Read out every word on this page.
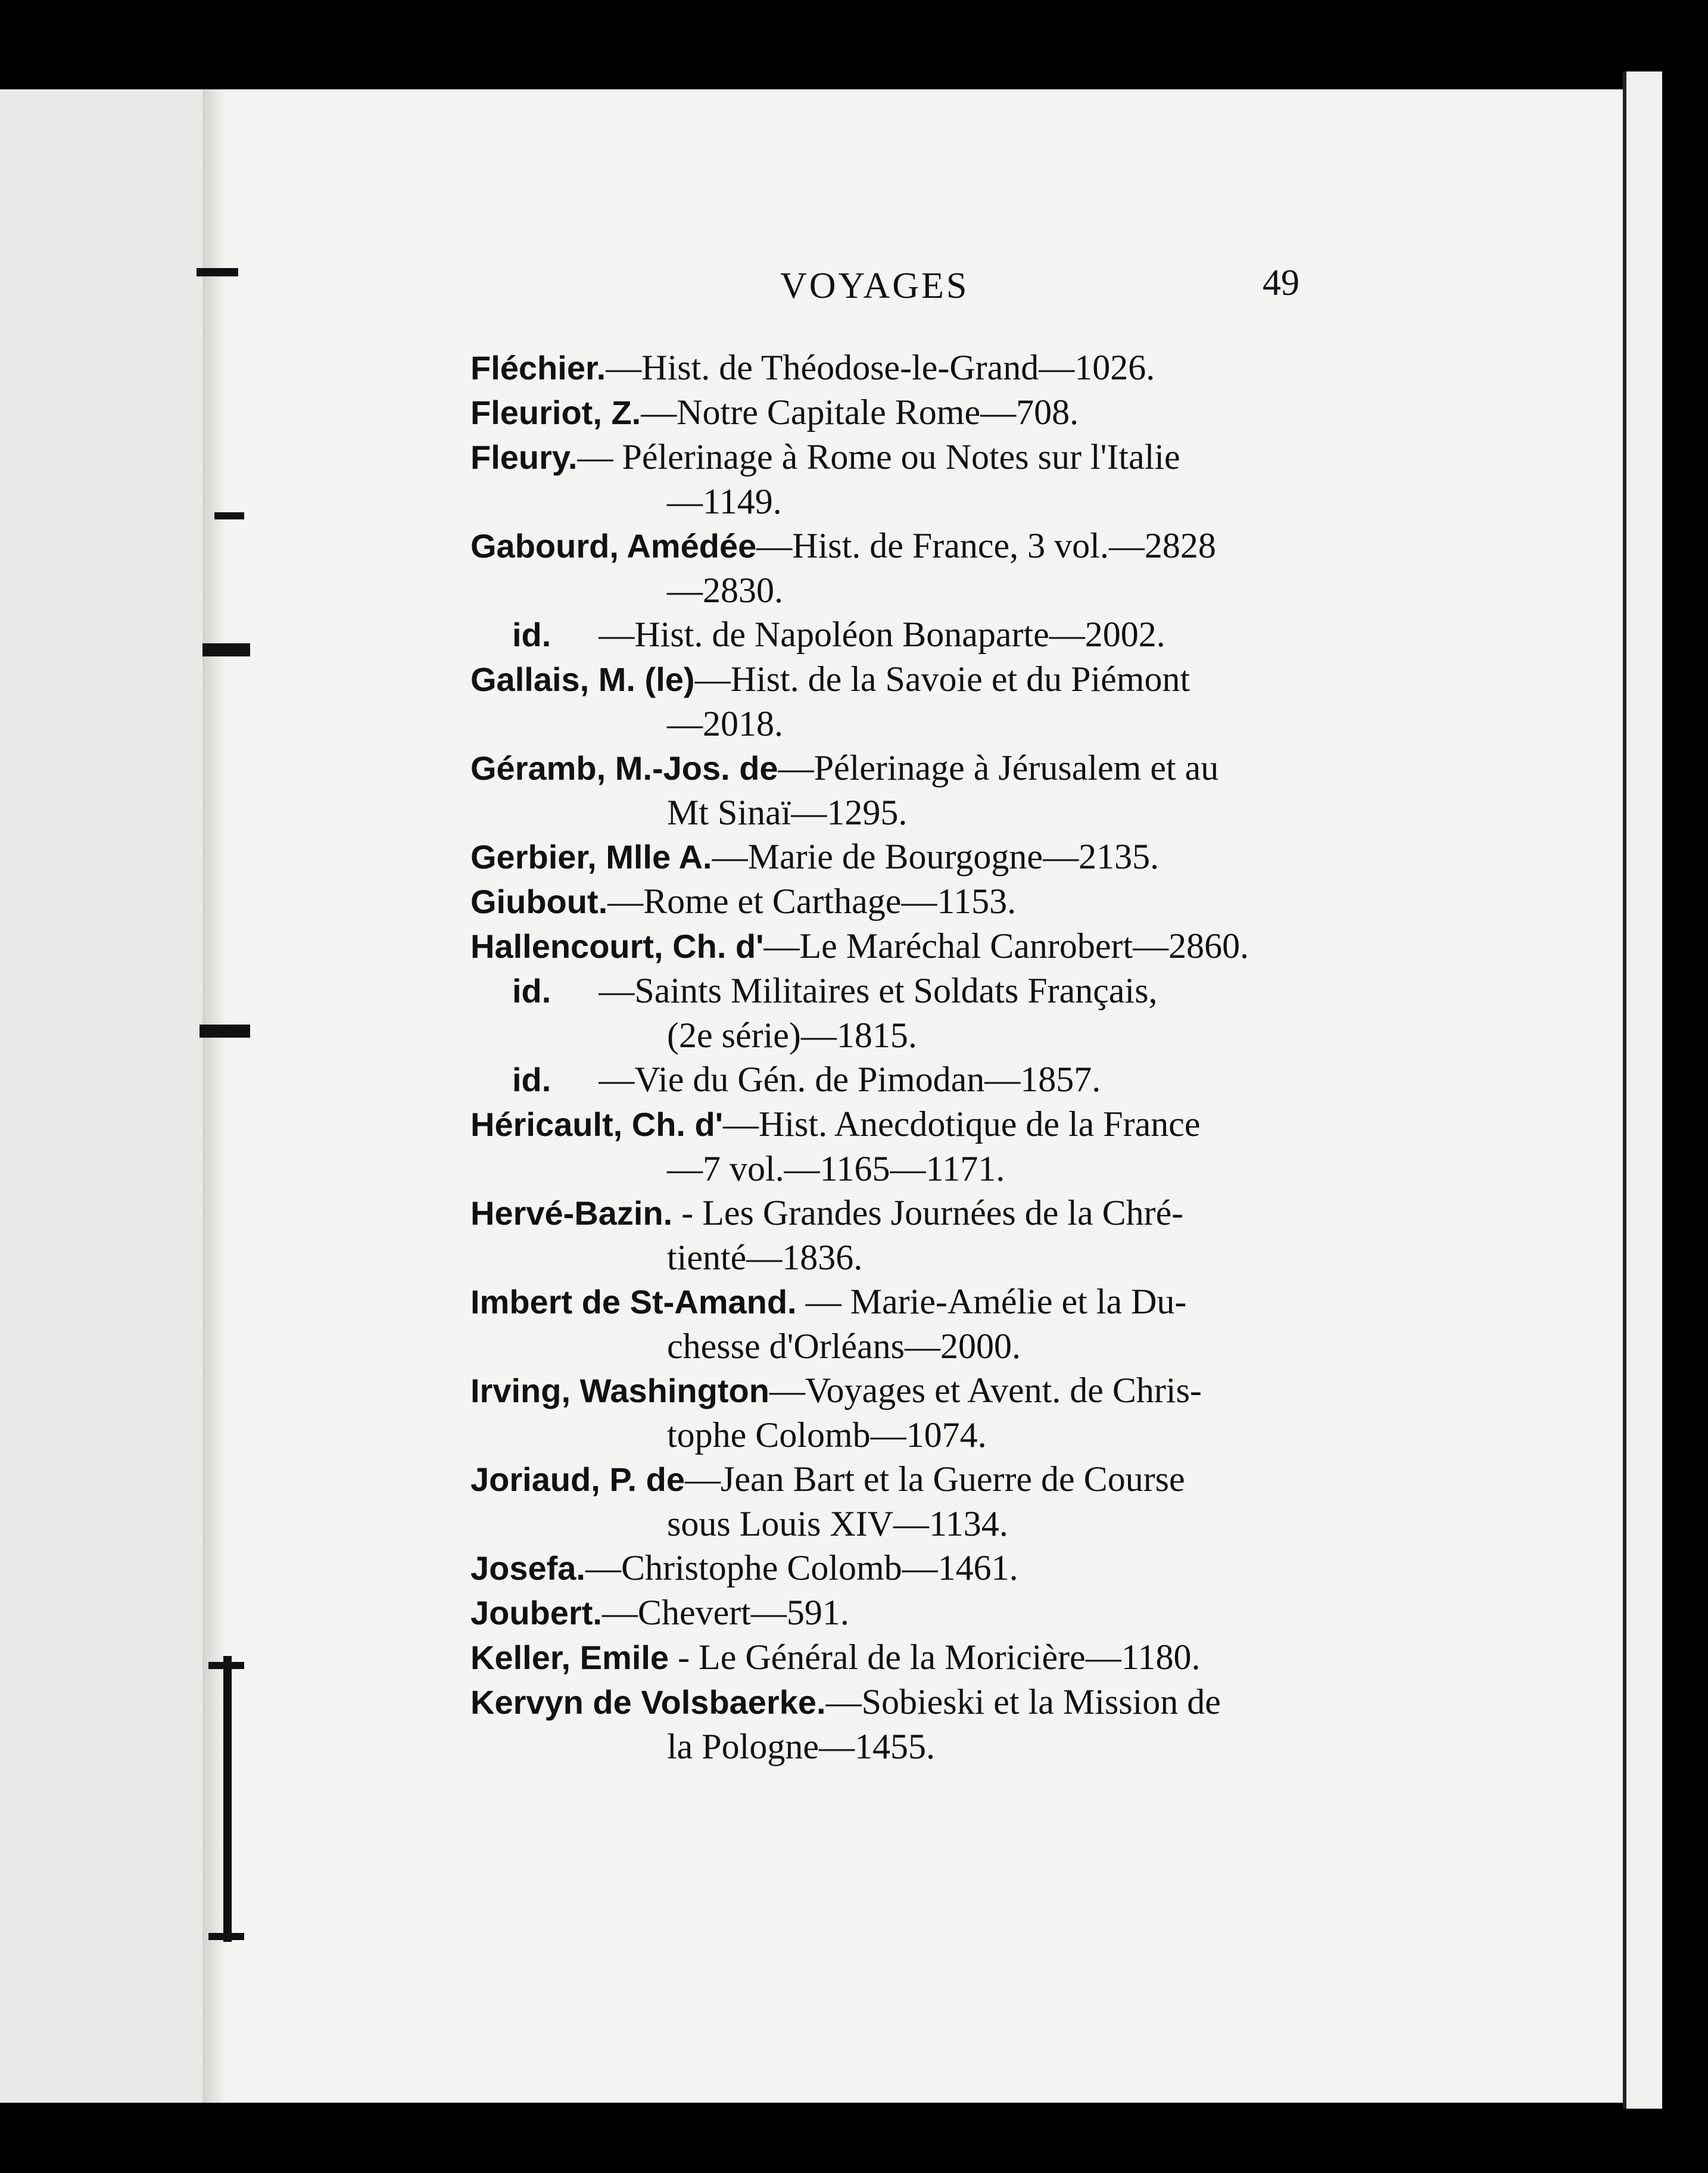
VOYAGES	49
Fléchier.—Hist. de Théodose-le-Grand—1026.
Fleuriot, Z.—Notre Capitale Rome—708.
Fleury.— Pélerinage à Rome ou Notes sur l'Italie
—1149.
Gabourd, Amédée—Hist. de France, 3 vol.—2828
—2830.
id. —Hist. de Napoléon Bonaparte—2002.
Gallais, M. (le)—Hist. de la Savoie et du Piémont
—2018.
Géramb, M.-Jos. de—Pélerinage à Jérusalem et au
Mt Sinaï—1295.
Gerbier, Mlle A.—Marie de Bourgogne—2135.
Giubout.—Rome et Carthage—1153.
Hallencourt, Ch. d'—Le Maréchal Canrobert—2860.
id. —Saints Militaires et Soldats Français,
(2e série)—1815.
id. —Vie du Gén. de Pimodan—1857.
Héricault, Ch. d'—Hist. Anecdotique de la France
—7 vol.—1165—1171.
Hervé-Bazin. - Les Grandes Journées de la Chré-
tienté—1836.
Imbert de St-Amand. — Marie-Amélie et la Du-
chesse d'Orléans—2000.
Irving, Washington—Voyages et Avent. de Chris-
tophe Colomb—1074.
Joriaud, P. de—Jean Bart et la Guerre de Course
sous Louis XIV—1134.
Josefa.—Christophe Colomb—1461.
Joubert.—Chevert—591.
Keller, Emile - Le Général de la Moricière—1180.
Kervyn de Volsbaerke.—Sobieski et la Mission de
la Pologne—1455.
